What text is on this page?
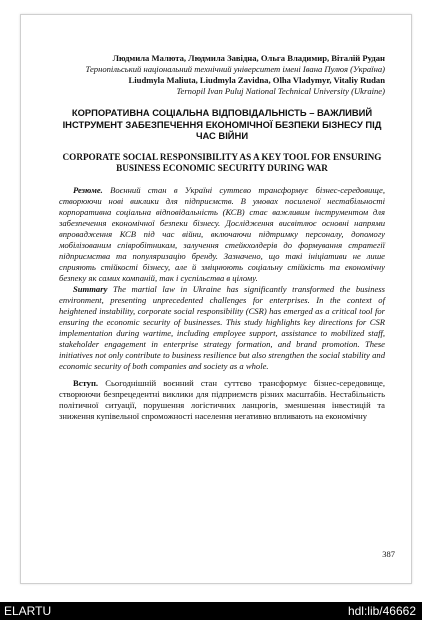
Людмила Малюта, Людмила Завідна, Ольга Владимир, Віталій Рудан
Тернопільський національний технічний університет імені Івана Пулюя (Україна)
Liudmyla Maliuta, Liudmyla Zavidna, Olha Vladymyr, Vitaliy Rudan
Ternopil Ivan Puluj National Technical University (Ukraine)
КОРПОРАТИВНА СОЦІАЛЬНА ВІДПОВІДАЛЬНІСТЬ – ВАЖЛИВИЙ ІНСТРУМЕНТ ЗАБЕЗПЕЧЕННЯ ЕКОНОМІЧНОЇ БЕЗПЕКИ БІЗНЕСУ ПІД ЧАС ВІЙНИ
CORPORATE SOCIAL RESPONSIBILITY AS A KEY TOOL FOR ENSURING BUSINESS ECONOMIC SECURITY DURING WAR
Резюме. Воєнний стан в Україні суттєво трансформує бізнес-середовище, створюючи нові виклики для підприємств. В умовах посиленої нестабільності корпоративна соціальна відповідальність (КСВ) стає важливим інструментом для забезпечення економічної безпеки бізнесу. Дослідження висвітлює основні напрями впровадження КСВ під час війни, включаючи підтримку персоналу, допомогу мобілізованим співробітникам, залучення стейкхолдерів до формування стратегії підприємства та популяризацію бренду. Зазначено, що такі ініціативи не лише сприяють стійкості бізнесу, але й зміцнюють соціальну стійкість та економічну безпеку як самих компаній, так і суспільства в цілому.
Summary The martial law in Ukraine has significantly transformed the business environment, presenting unprecedented challenges for enterprises. In the context of heightened instability, corporate social responsibility (CSR) has emerged as a critical tool for ensuring the economic security of businesses. This study highlights key directions for CSR implementation during wartime, including employee support, assistance to mobilized staff, stakeholder engagement in enterprise strategy formation, and brand promotion. These initiatives not only contribute to business resilience but also strengthen the social stability and economic security of both companies and society as a whole.
Вступ. Сьогоднішній воєнний стан суттєво трансформує бізнес-середовище, створюючи безпрецедентні виклики для підприємств різних масштабів. Нестабільність політичної ситуації, порушення логістичних ланцюгів, зменшення інвестицій та зниження купівельної спроможності населення негативно впливають на економічну
387
ELARTU	hdl:lib/46662
